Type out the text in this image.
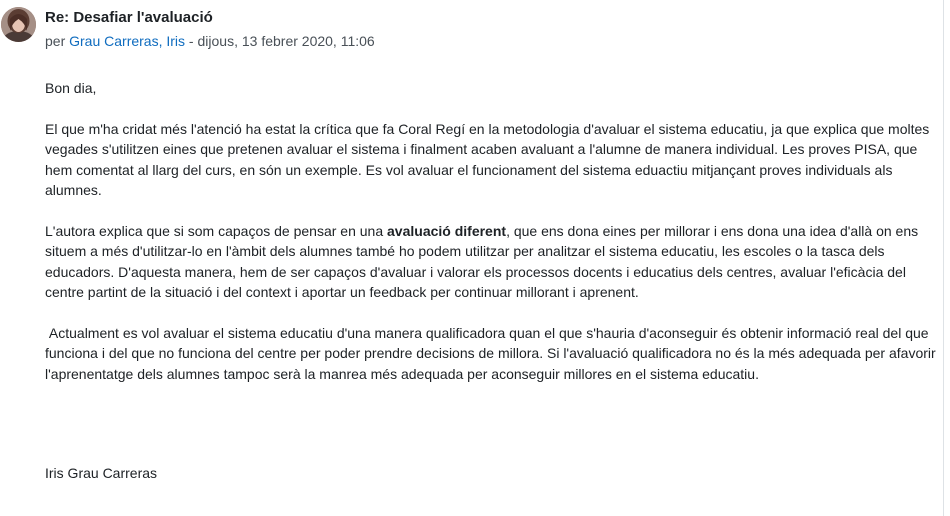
Re: Desafiar l'avaluació
per Grau Carreras, Iris - dijous, 13 febrer 2020, 11:06

Bon dia,

El que m'ha cridat més l'atenció ha estat la crítica que fa Coral Regí en la metodologia d'avaluar el sistema educatiu, ja que explica que moltes vegades s'utilitzen eines que pretenen avaluar el sistema i finalment acaben avaluant a l'alumne de manera individual. Les proves PISA, que hem comentat al llarg del curs, en són un exemple. Es vol avaluar el funcionament del sistema eduactiu mitjançant proves individuals als alumnes.

L'autora explica que si som capaços de pensar en una avaluació diferent, que ens dona eines per millorar i ens dona una idea d'allà on ens situem a més d'utilitzar-lo en l'àmbit dels alumnes també ho podem utilitzar per analitzar el sistema educatiu, les escoles o la tasca dels educadors. D'aquesta manera, hem de ser capaços d'avaluar i valorar els processos docents i educatius dels centres, avaluar l'eficàcia del centre partint de la situació i del context i aportar un feedback per continuar millorant i aprenent.

Actualment es vol avaluar el sistema educatiu d'una manera qualificadora quan el que s'hauria d'aconseguir és obtenir informació real del que funciona i del que no funciona del centre per poder prendre decisions de millora. Si l'avaluació qualificadora no és la més adequada per afavorir l'aprenentatge dels alumnes tampoc serà la manrea més adequada per aconseguir millores en el sistema educatiu.

Iris Grau Carreras
